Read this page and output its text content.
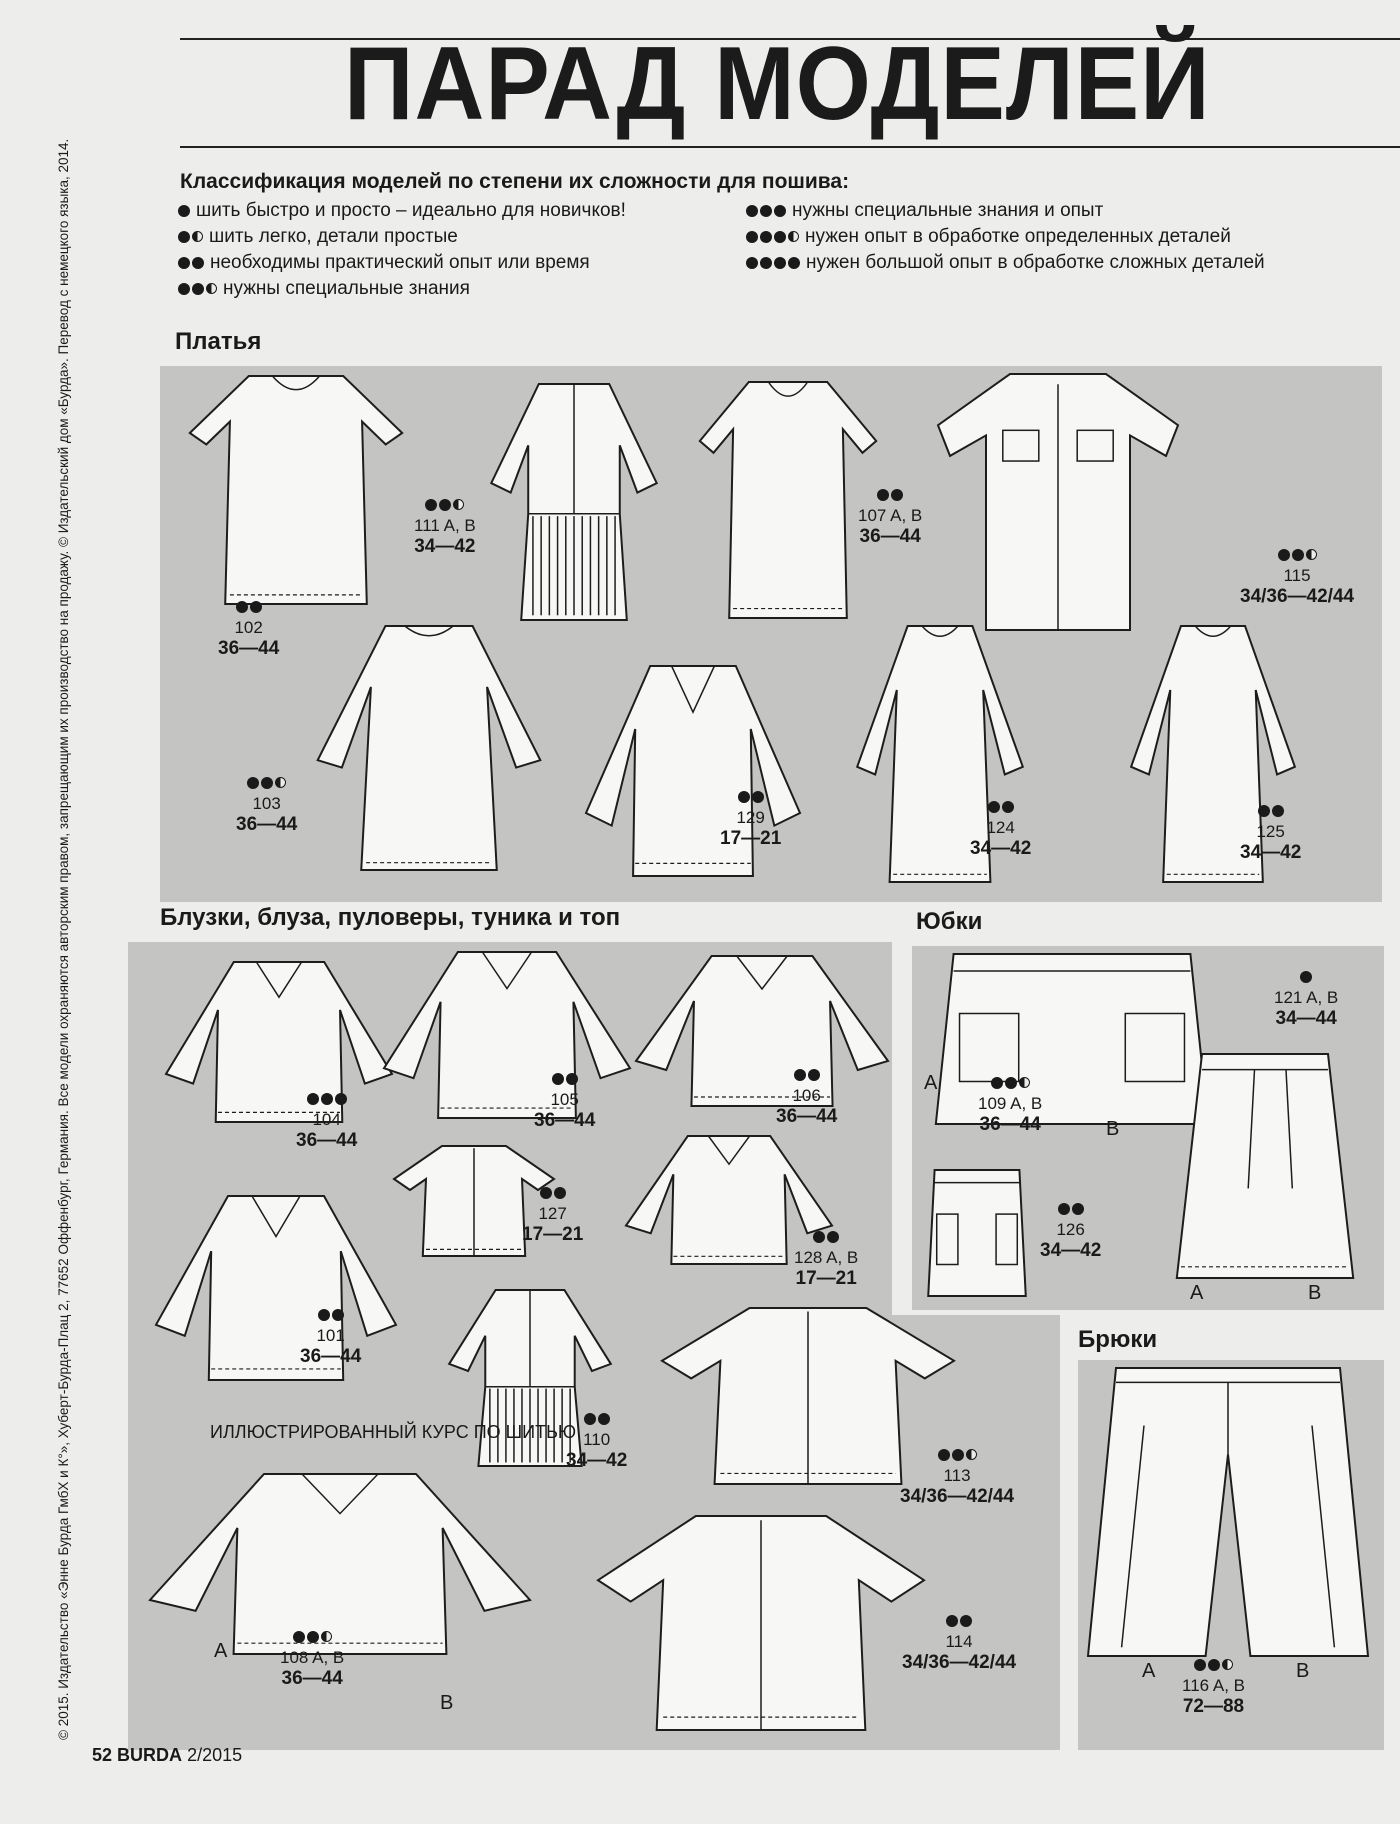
ПАРАД МОДЕЛЕЙ
Классификация моделей по степени их сложности для пошива:
шить быстро и просто – идеально для новичков!
шить легко, детали простые
необходимы практический опыт или время
нужны специальные знания
нужны специальные знания и опыт
нужен опыт в обработке определенных деталей
нужен большой опыт в обработке сложных деталей
Платья
Блузки, блуза, пуловеры, туника и топ	Юбки
Брюки
102
36—44
111 A, B
34—42
107 A, B
36—44
115
34/36—42/44
103
36—44	129
17—21
124
34—42
125
34—42
104
36—44
105
36—44
106
36—44
127
17—21
128 A, B
17—21
101
36—44
110
34—42
113
34/36—42/44
108 A, B
36—44
A
B
114
34/36—42/44
109 A, B
36—44
A
B
121 A, B
34—44
A	B
126
34—42
116 A, B
72—88
A	B
ИЛЛЮСТРИРОВАННЫЙ КУРС ПО ШИТЬЮ
© 2015. Издательство «Энне Бурда ГмбХ и К°», Хуберт-Бурда-Плац 2, 77652 Оффенбург, Германия. Все модели охраняются авторским правом, запрещающим их производство на продажу. © Издательский дом «Бурда». Перевод с немецкого языка, 2014.
52 BURDA 2/2015
